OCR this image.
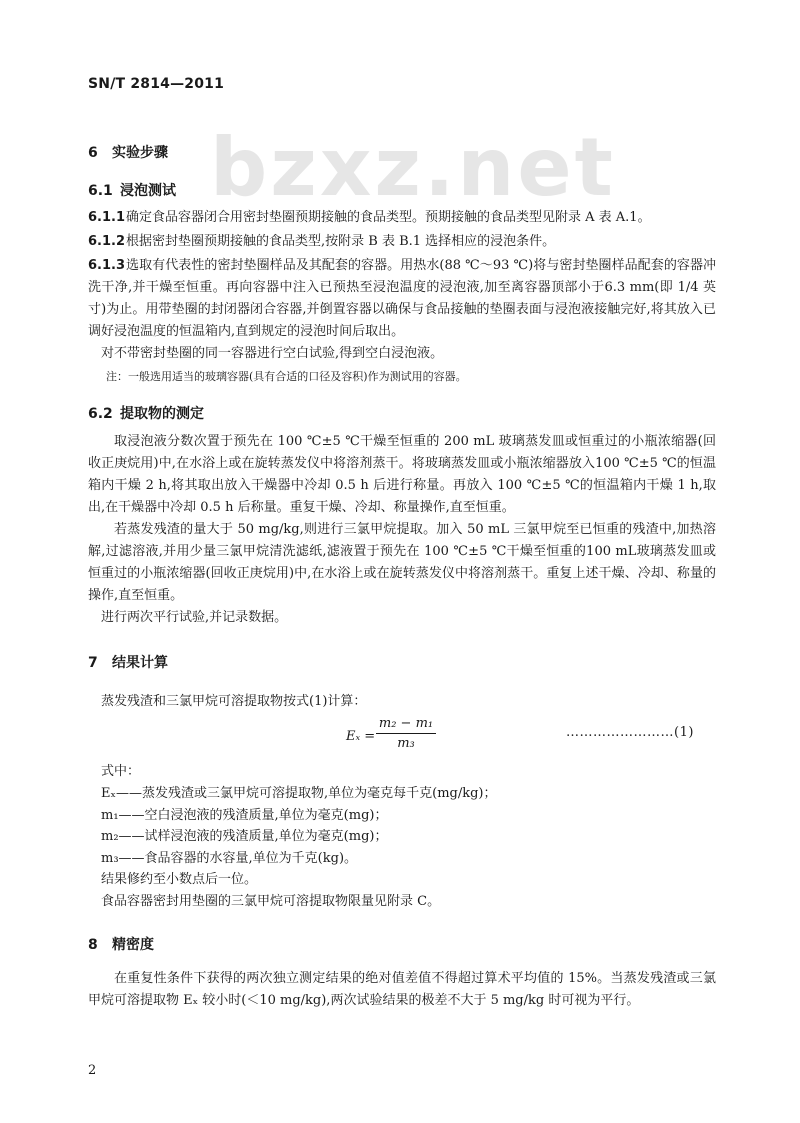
bzxz.net
SN/T 2814—2011
6 实验步骤
6.1 浸泡测试
6.1.1确定食品容器闭合用密封垫圈预期接触的食品类型。预期接触的食品类型见附录 A 表 A.1。
6.1.2根据密封垫圈预期接触的食品类型,按附录 B 表 B.1 选择相应的浸泡条件。
6.1.3选取有代表性的密封垫圈样品及其配套的容器。用热水(88 ℃～93 ℃)将与密封垫圈样品配套的容器冲洗干净,并干燥至恒重。再向容器中注入已预热至浸泡温度的浸泡液,加至离容器顶部小于6.3 mm(即 1/4 英寸)为止。用带垫圈的封闭器闭合容器,并倒置容器以确保与食品接触的垫圈表面与浸泡液接触完好,将其放入已调好浸泡温度的恒温箱内,直到规定的浸泡时间后取出。
对不带密封垫圈的同一容器进行空白试验,得到空白浸泡液。
注：一般选用适当的玻璃容器(具有合适的口径及容积)作为测试用的容器。
6.2 提取物的测定
取浸泡液分数次置于预先在 100 ℃±5 ℃干燥至恒重的 200 mL 玻璃蒸发皿或恒重过的小瓶浓缩器(回收正庚烷用)中,在水浴上或在旋转蒸发仪中将溶剂蒸干。将玻璃蒸发皿或小瓶浓缩器放入100 ℃±5 ℃的恒温箱内干燥 2 h,将其取出放入干燥器中冷却 0.5 h 后进行称量。再放入 100 ℃±5 ℃的恒温箱内干燥 1 h,取出,在干燥器中冷却 0.5 h 后称量。重复干燥、冷却、称量操作,直至恒重。
若蒸发残渣的量大于 50 mg/kg,则进行三氯甲烷提取。加入 50 mL 三氯甲烷至已恒重的残渣中,加热溶解,过滤溶液,并用少量三氯甲烷清洗滤纸,滤液置于预先在 100 ℃±5 ℃干燥至恒重的100 mL玻璃蒸发皿或恒重过的小瓶浓缩器(回收正庚烷用)中,在水浴上或在旋转蒸发仪中将溶剂蒸干。重复上述干燥、冷却、称量的操作,直至恒重。
进行两次平行试验,并记录数据。
7 结果计算
蒸发残渣和三氯甲烷可溶提取物按式(1)计算：
$E_x = \frac{\text{m₂ − m₁}}{\text{m₃}}$	……………………(1)
式中：
Eₓ——蒸发残渣或三氯甲烷可溶提取物,单位为毫克每千克(mg/kg)；
m₁——空白浸泡液的残渣质量,单位为毫克(mg)；
m₂——试样浸泡液的残渣质量,单位为毫克(mg)；
m₃——食品容器的水容量,单位为千克(kg)。
结果修约至小数点后一位。
食品容器密封用垫圈的三氯甲烷可溶提取物限量见附录 C。
8 精密度
在重复性条件下获得的两次独立测定结果的绝对值差值不得超过算术平均值的 15%。当蒸发残渣或三氯甲烷可溶提取物 Eₓ 较小时(＜10 mg/kg),两次试验结果的极差不大于 5 mg/kg 时可视为平行。
2
